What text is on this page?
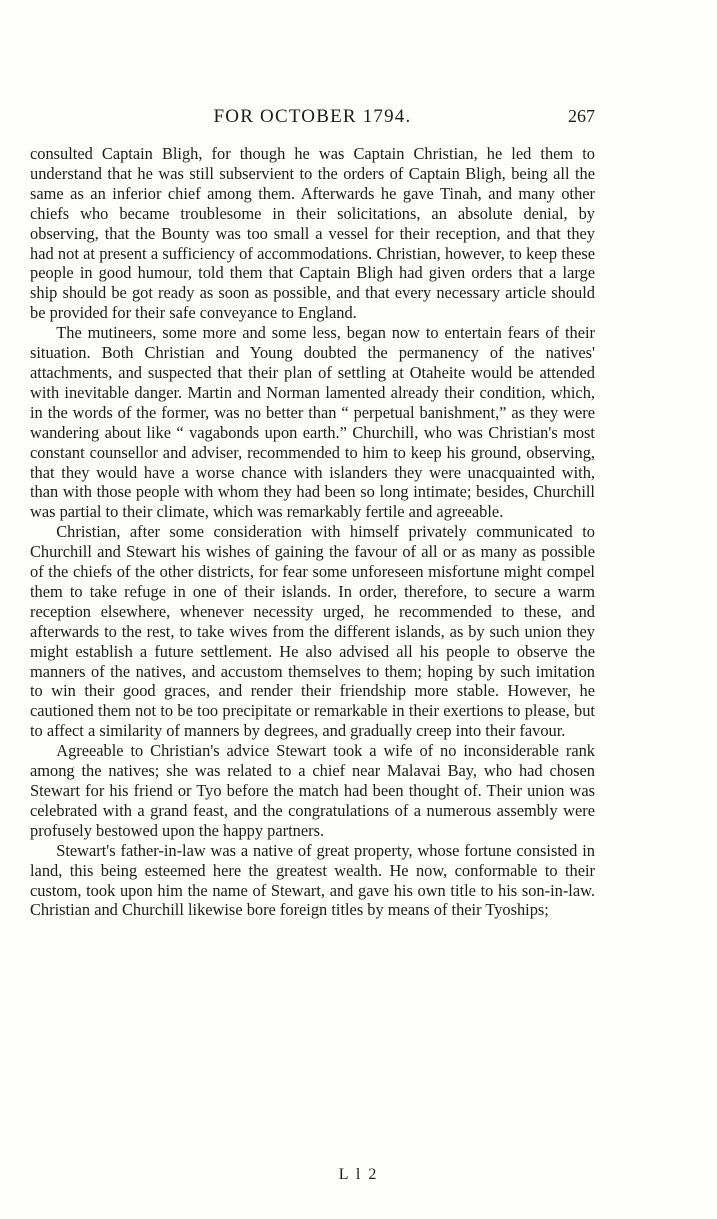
FOR OCTOBER 1794.	267

consulted Captain Bligh, for though he was Captain Christian, he led them to understand that he was still subservient to the orders of Captain Bligh, being all the same as an inferior chief among them. Afterwards he gave Tinah, and many other chiefs who became troublesome in their solicitations, an absolute denial, by observing, that the Bounty was too small a vessel for their reception, and that they had not at present a sufficiency of accommodations. Christian, however, to keep these people in good humour, told them that Captain Bligh had given orders that a large ship should be got ready as soon as possible, and that every necessary article should be provided for their safe conveyance to England.

The mutineers, some more and some less, began now to entertain fears of their situation. Both Christian and Young doubted the permanency of the natives' attachments, and suspected that their plan of settling at Otaheite would be attended with inevitable danger. Martin and Norman lamented already their condition, which, in the words of the former, was no better than “ perpetual banishment,” as they were wandering about like “ vagabonds upon earth.” Churchill, who was Christian's most constant counsellor and adviser, recommended to him to keep his ground, observing, that they would have a worse chance with islanders they were unacquainted with, than with those people with whom they had been so long intimate; besides, Churchill was partial to their climate, which was remarkably fertile and agreeable.

Christian, after some consideration with himself privately communicated to Churchill and Stewart his wishes of gaining the favour of all or as many as possible of the chiefs of the other districts, for fear some unforeseen misfortune might compel them to take refuge in one of their islands. In order, therefore, to secure a warm reception elsewhere, whenever necessity urged, he recommended to these, and afterwards to the rest, to take wives from the different islands, as by such union they might establish a future settlement. He also advised all his people to observe the manners of the natives, and accustom themselves to them; hoping by such imitation to win their good graces, and render their friendship more stable. However, he cautioned them not to be too precipitate or remarkable in their exertions to please, but to affect a similarity of manners by degrees, and gradually creep into their favour.

Agreeable to Christian's advice Stewart took a wife of no inconsiderable rank among the natives; she was related to a chief near Malavai Bay, who had chosen Stewart for his friend or Tyo before the match had been thought of. Their union was celebrated with a grand feast, and the congratulations of a numerous assembly were profusely bestowed upon the happy partners.

Stewart's father-in-law was a native of great property, whose fortune consisted in land, this being esteemed here the greatest wealth. He now, conformable to their custom, took upon him the name of Stewart, and gave his own title to his son-in-law. Christian and Churchill likewise bore foreign titles by means of their Tyoships;

L l 2
